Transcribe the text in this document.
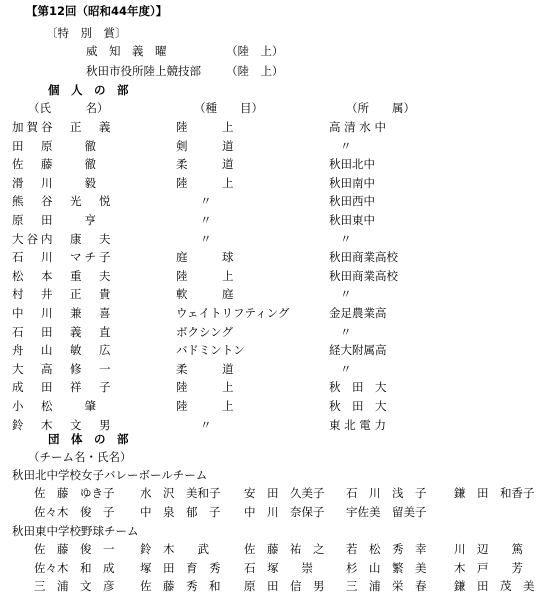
【第12回（昭和44年度）】
〔特　別　賞〕
威　知　義　曜	（陸　上）
秋田市役所陸上競技部 （陸　上）
個　人　の　部
（氏　　　名）	（種　　目）	（所　　属）
加賀谷　正　義	陸　　　上	高 清 水 中
田　原　　徹	剣　　　道	〃
佐　藤　　徹	柔　　　道	秋田北中
滑　川　　毅	陸　　　上	秋田南中
熊　谷　光　悦	〃	秋田西中
原　田　　亨	〃	秋田東中
大谷内　康　夫	〃	〃
石　川　マチ子	庭　　　球	秋田商業高校
松　本　重　夫	陸　　　上	秋田商業高校
村　井　正　貴	軟　　　庭	〃
中　川　兼　喜	ウェイトリフティング	金足農業高
石　田　義　直	ボクシング	〃
舟　山　敏　広	バドミントン	経大附属高
大　高　修　一	柔　　　道	〃
成　田　祥　子	陸　　　上	秋　田　大
小　松　　肇	陸　　　上	秋　田　大
鈴　木　文　男	〃	東 北 電 力
団　体　の　部
（チーム名・氏名）
秋田北中学校女子バレーボールチーム
佐　藤　ゆき子 水　沢　美和子 安　田　久美子 石　川　浅　子 鎌　田　和香子
佐々木　俊　子 中　泉　郁　子 中　川　奈保子 宇佐美　留美子
秋田東中学校野球チーム
佐　藤　俊　一 鈴　木　　武	佐　藤　祐　之 若　松　秀　幸 川　辺　　篤
佐々木　和　成 塚　田　育　秀 石　塚　　崇	杉　山　繁　美 木　戸　　芳
三　浦　文　彦 佐　藤　秀　和 原　田　信　男 三　浦　栄　春 鎌　田　茂　美
